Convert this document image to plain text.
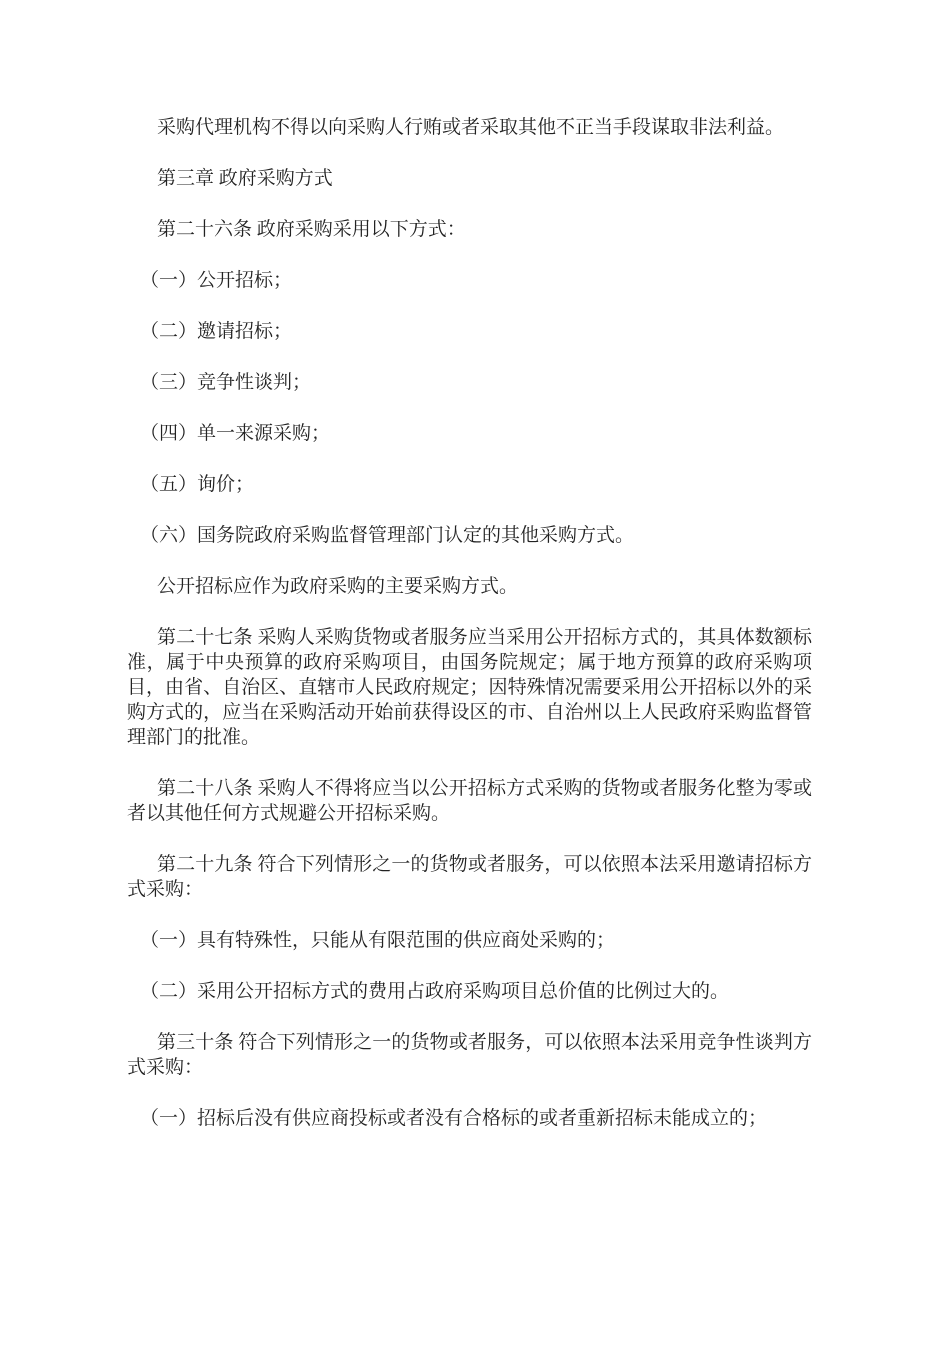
采购代理机构不得以向采购人行贿或者采取其他不正当手段谋取非法利益。

第三章 政府采购方式

第二十六条 政府采购采用以下方式：

（一）公开招标；

（二）邀请招标；

（三）竞争性谈判；

（四）单一来源采购；

（五）询价；

（六）国务院政府采购监督管理部门认定的其他采购方式。

公开招标应作为政府采购的主要采购方式。

第二十七条 采购人采购货物或者服务应当采用公开招标方式的，其具体数额标准，属于中央预算的政府采购项目，由国务院规定；属于地方预算的政府采购项目，由省、自治区、直辖市人民政府规定；因特殊情况需要采用公开招标以外的采购方式的，应当在采购活动开始前获得设区的市、自治州以上人民政府采购监督管理部门的批准。

第二十八条 采购人不得将应当以公开招标方式采购的货物或者服务化整为零或者以其他任何方式规避公开招标采购。

第二十九条 符合下列情形之一的货物或者服务，可以依照本法采用邀请招标方式采购：

（一）具有特殊性，只能从有限范围的供应商处采购的；

（二）采用公开招标方式的费用占政府采购项目总价值的比例过大的。

第三十条 符合下列情形之一的货物或者服务，可以依照本法采用竞争性谈判方式采购：

（一）招标后没有供应商投标或者没有合格标的或者重新招标未能成立的；
